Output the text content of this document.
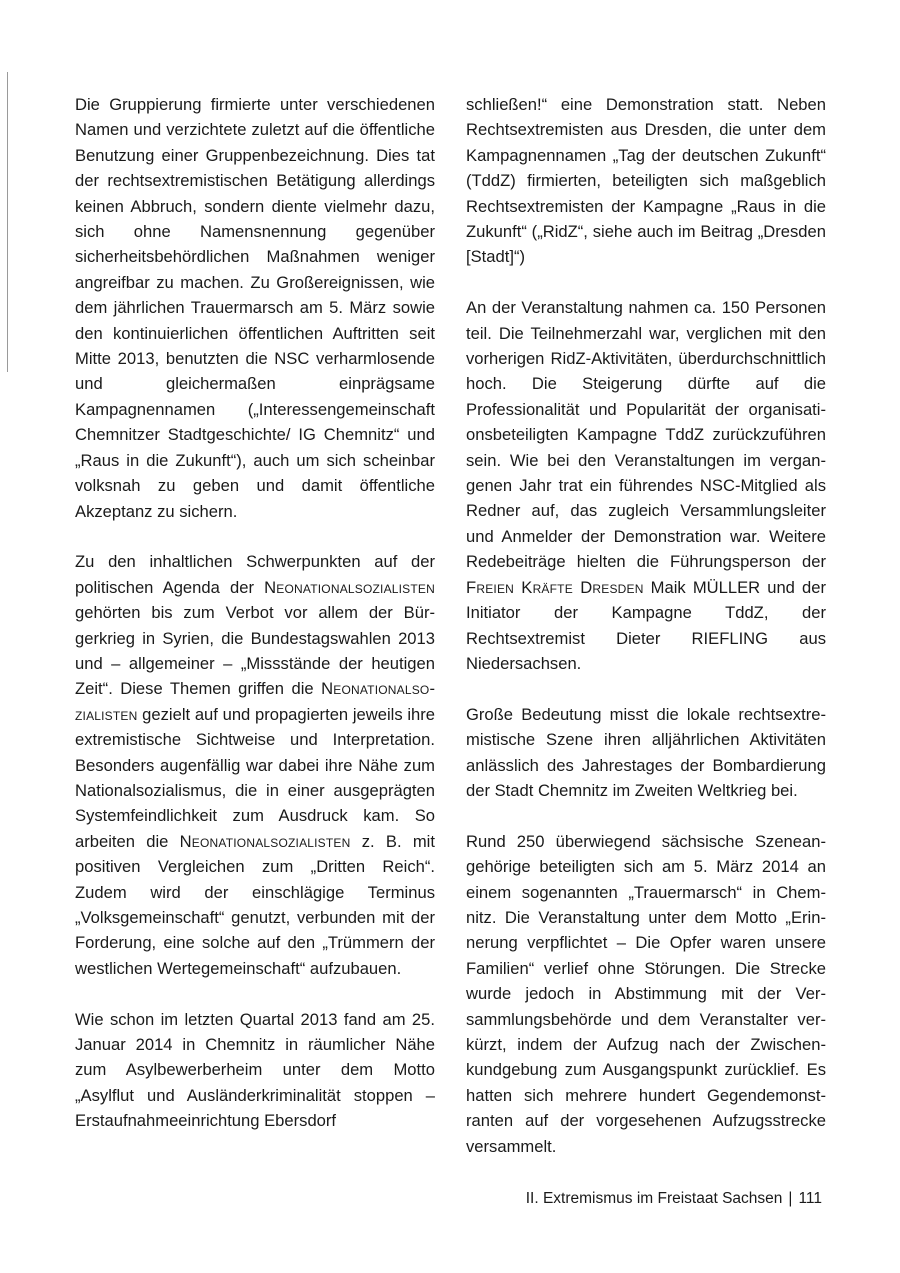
Die Gruppierung firmierte unter verschiedenen Namen und verzichtete zuletzt auf die öffentliche Benutzung einer Gruppenbezeichnung. Dies tat der rechtsextremistischen Betätigung allerdings keinen Abbruch, sondern diente vielmehr dazu, sich ohne Namensnennung gegenüber sicherheitsbehördlichen Maßnahmen weniger angreifbar zu machen. Zu Großereignissen, wie dem jährlichen Trauermarsch am 5. März sowie den kontinuierlichen öffentlichen Auftritten seit Mitte 2013, benutzten die NSC verharmlosende und gleichermaßen einprägsame Kampagnennamen („Interessengemeinschaft Chemnitzer Stadtgeschichte/ IG Chemnitz“ und „Raus in die Zukunft“), auch um sich scheinbar volksnah zu geben und damit öffentliche Akzeptanz zu sichern.

Zu den inhaltlichen Schwerpunkten auf der politischen Agenda der Neonationalsozialisten gehörten bis zum Verbot vor allem der Bürgerkrieg in Syrien, die Bundestagswahlen 2013 und – allgemeiner – „Missstände der heutigen Zeit“. Diese Themen griffen die Neonationalsozialisten gezielt auf und propagierten jeweils ihre extremistische Sichtweise und Interpretation. Besonders augenfällig war dabei ihre Nähe zum Nationalsozialismus, die in einer ausgeprägten Systemfeindlichkeit zum Ausdruck kam. So arbeiten die Neonationalsozialisten z. B. mit positiven Vergleichen zum „Dritten Reich“. Zudem wird der einschlägige Terminus „Volksgemeinschaft“ genutzt, verbunden mit der Forderung, eine solche auf den „Trümmern der westlichen Wertegemeinschaft“ aufzubauen.

Wie schon im letzten Quartal 2013 fand am 25. Januar 2014 in Chemnitz in räumlicher Nähe zum Asylbewerberheim unter dem Motto „Asylflut und Ausländerkriminalität stoppen – Erstaufnahmeeinrichtung Ebersdorf

schließen!“ eine Demonstration statt. Neben Rechtsextremisten aus Dresden, die unter dem Kampagnennamen „Tag der deutschen Zukunft“ (TddZ) firmierten, beteiligten sich maßgeblich Rechtsextremisten der Kampagne „Raus in die Zukunft“ („RidZ“, siehe auch im Beitrag „Dresden [Stadt]“)

An der Veranstaltung nahmen ca. 150 Personen teil. Die Teilnehmerzahl war, verglichen mit den vorherigen RidZ-Aktivitäten, überdurchschnittlich hoch. Die Steigerung dürfte auf die Professionalität und Popularität der organisationsbeteiligten Kampagne TddZ zurückzuführen sein. Wie bei den Veranstaltungen im vergangenen Jahr trat ein führendes NSC-Mitglied als Redner auf, das zugleich Versammlungsleiter und Anmelder der Demonstration war. Weitere Redebeiträge hielten die Führungsperson der Freien Kräfte Dresden Maik MÜLLER und der Initiator der Kampagne TddZ, der Rechtsextremist Dieter RIEFLING aus Niedersachsen.

Große Bedeutung misst die lokale rechtsextremistische Szene ihren alljährlichen Aktivitäten anlässlich des Jahrestages der Bombardierung der Stadt Chemnitz im Zweiten Weltkrieg bei.

Rund 250 überwiegend sächsische Szeneangehörige beteiligten sich am 5. März 2014 an einem sogenannten „Trauermarsch“ in Chemnitz. Die Veranstaltung unter dem Motto „Erinnerung verpflichtet – Die Opfer waren unsere Familien“ verlief ohne Störungen. Die Strecke wurde jedoch in Abstimmung mit der Versammlungsbehörde und dem Veranstalter verkürzt, indem der Aufzug nach der Zwischenkundgebung zum Ausgangspunkt zurücklief. Es hatten sich mehrere hundert Gegendemonstranten auf der vorgesehenen Aufzugsstrecke versammelt.

II. Extremismus im Freistaat Sachsen | 111
